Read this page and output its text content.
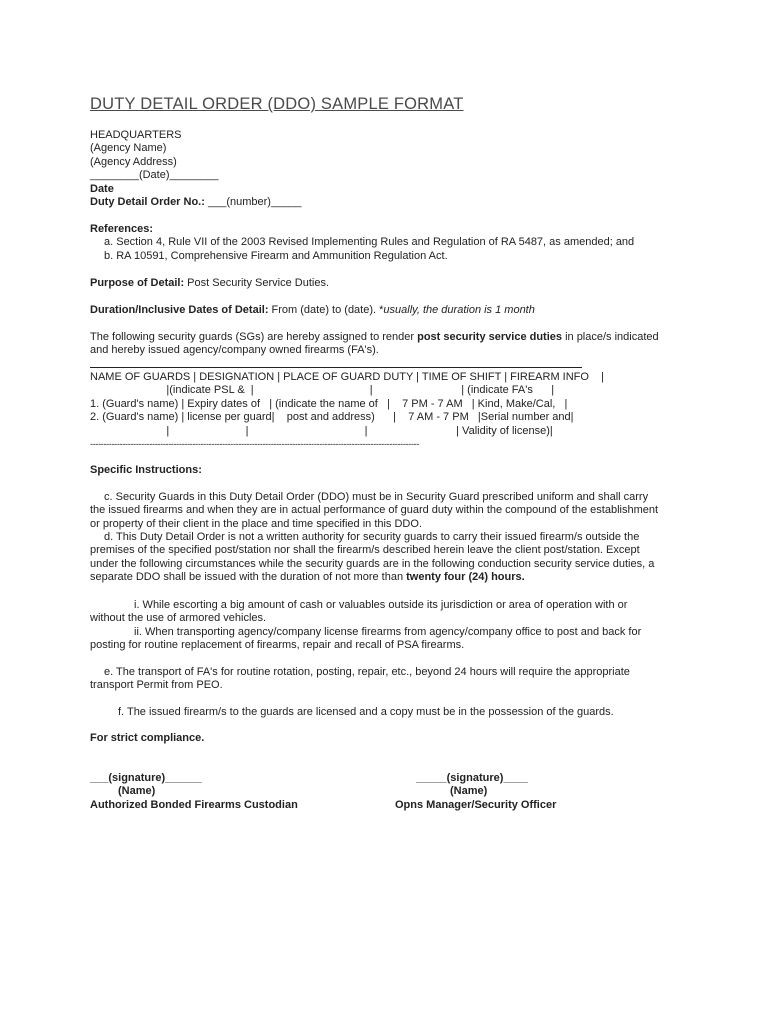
DUTY DETAIL ORDER (DDO) SAMPLE FORMAT
HEADQUARTERS
(Agency Name)
(Agency Address)
________(Date)________
Date
Duty Detail Order No.: ___(number)_____
References:
a. Section 4, Rule VII of the 2003 Revised Implementing Rules and Regulation of RA 5487, as amended; and
b. RA 10591, Comprehensive Firearm and Ammunition Regulation Act.
Purpose of Detail: Post Security Service Duties.
Duration/Inclusive Dates of Detail: From (date) to (date). *usually, the duration is 1 month
The following security guards (SGs) are hereby assigned to render post security service duties in place/s indicated
and hereby issued agency/company owned firearms (FA's).
NAME OF GUARDS | DESIGNATION | PLACE OF GUARD DUTY | TIME OF SHIFT | FIREARM INFO    |
|(indicate PSL &  |                                      |                             | (indicate FA's      |
1. (Guard's name) | Expiry dates of   | (indicate the name of   |    7 PM - 7 AM   | Kind, Make/Cal,   |
2. (Guard's name) | license per guard|    post and address)      |    7 AM - 7 PM   |Serial number and|
|                         |                                      |                             | Validity of license)|
--------------------------------------------------------------------------------------------------------------------------
Specific Instructions:
c. Security Guards in this Duty Detail Order (DDO) must be in Security Guard prescribed uniform and shall carry
the issued firearms and when they are in actual performance of guard duty within the compound of the establishment
or property of their client in the place and time specified in this DDO.
d. This Duty Detail Order is not a written authority for security guards to carry their issued firearm/s outside the
premises of the specified post/station nor shall the firearm/s described herein leave the client post/station. Except
under the following circumstances while the security guards are in the following conduction security service duties, a
separate DDO shall be issued with the duration of not more than twenty four (24) hours.
i. While escorting a big amount of cash or valuables outside its jurisdiction or area of operation with or
without the use of armored vehicles.
ii. When transporting agency/company license firearms from agency/company office to post and back for
posting for routine replacement of firearms, repair and recall of PSA firearms.
e. The transport of FA's for routine rotation, posting, repair, etc., beyond 24 hours will require the appropriate
transport Permit from PEO.
f. The issued firearm/s to the guards are licensed and a copy must be in the possession of the guards.
For strict compliance.
___(signature)______
(Name)
Authorized Bonded Firearms Custodian
_____(signature)____
(Name)
Opns Manager/Security Officer
